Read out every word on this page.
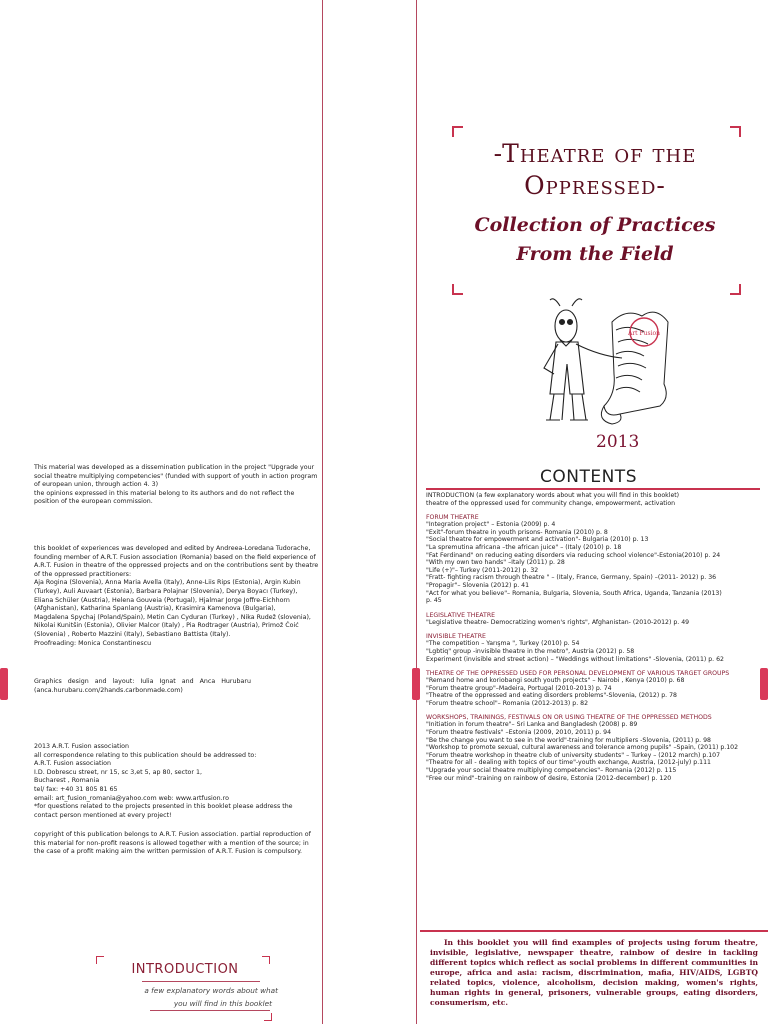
This material was developed as a dissemination publication in the project "Upgrade your
social theatre multiplying competencies" (funded with support of youth in action program
of european union, through action 4. 3)
the opinions expressed in this material belong to its authors and do not reflect the
position of the european commission.
this booklet of experiences was developed and edited by Andreea-Loredana Tudorache,
founding member of A.R.T. Fusion association (Romania) based on the field experience of
A.R.T. Fusion in theatre of the oppressed projects and on the contributions sent by theatre
of the oppressed practitioners:
Aja Rogina (Slovenia), Anna Maria Avella (Italy), Anne-Liis Rips (Estonia), Argin Kubin
(Turkey), Auli Auvaart (Estonia), Barbara Polajnar (Slovenia), Derya Boyacı (Turkey),
Eliana Schüler (Austria), Helena Gouveia (Portugal), Hjalmar Jorge Joffre-Eichhorn
(Afghanistan), Katharina Spanlang (Austria), Krasimira Kamenova (Bulgaria),
Magdalena Spychaj (Poland/Spain), Metin Can Cyduran (Turkey) , Nika Rudež (slovenia),
Nikolai Kunitšin (Estonia), Olivier Malcor (Italy) , Pia Rodtrager (Austria), Primož Ćoić
(Slovenia) , Roberto Mazzini (Italy), Sebastiano Battista (Italy).
Proofreading: Monica Constantinescu
Graphics   design   and   layout:   Iulia   Ignat   and   Anca   Hurubaru
(anca.hurubaru.com/2hands.carbonmade.com)
2013 A.R.T. Fusion association
all correspondence relating to this publication should be addressed to:
A.R.T. Fusion association
I.D. Dobrescu street, nr 15, sc 3,et 5, ap 80, sector 1,
Bucharest , Romania
tel/ fax: +40 31 805 81 65
email: art_fusion_romania@yahoo.com web: www.artfusion.ro
*for questions related to the projects presented in this booklet please address the
contact person mentioned at every project!
copyright of this publication belongs to A.R.T. Fusion association. partial reproduction of
this material for non-profit reasons is allowed together with a mention of the source; in
the case of a profit making aim the written permission of A.R.T. Fusion is compulsory.
INTRODUCTION
a few explanatory words about what
you will find in this booklet
-Theatre of the
Oppressed-
Collection of Practices
From the Field
Art Fusion
2013
CONTENTS
INTRODUCTION (a few explanatory words about what you will find in this booklet)
theatre of the oppressed used for community change, empowerment, activation
FORUM THEATRE
"Integration project" – Estonia (2009) p. 4
"Exit"-forum theatre in youth prisons- Romania (2010) p. 8
"Social theatre for empowerment and activation"- Bulgaria (2010) p. 13
"La spremutina africana –the african juice" – (Italy (2010) p. 18
"Fat Ferdinand" on reducing eating disorders via reducing school violence"-Estonia(2010) p. 24
"With my own two hands" –Italy (2011) p. 28
"Life (+)"– Turkey (2011-2012) p. 32
"Fratt- fighting racism through theatre " – (Italy, France, Germany, Spain) –(2011- 2012) p. 36
"Propagir"– Slovenia (2012) p. 41
"Act for what you believe"– Romania, Bulgaria, Slovenia, South Africa, Uganda, Tanzania (2013)
p. 45
LEGISLATIVE THEATRE
"Legislative theatre- Democratizing women's rights", Afghanistan- (2010-2012) p. 49
INVISIBLE THEATRE
"The competition – Yarışma ", Turkey (2010) p. 54
"Lgbtiq" group -invisible theatre in the metro", Austria (2012) p. 58
Experiment (invisible and street action) – "Weddings without limitations" -Slovenia, (2011) p. 62
THEATRE OF THE OPPRESSED USED FOR PERSONAL DEVELOPMENT OF VARIOUS TARGET GROUPS
"Remand home and koriobangi south youth projects" – Nairobi , Kenya (2010) p. 68
"Forum theatre group"–Madeira, Portugal (2010-2013) p. 74
"Theatre of the oppressed and eating disorders problems"-Slovenia, (2012) p. 78
"Forum theatre school"– Romania (2012-2013) p. 82
WORKSHOPS, TRAININGS, FESTIVALS ON OR USING THEATRE OF THE OPPRESSED METHODS
"Initiation in forum theatre"– Sri Lanka and Bangladesh (2008) p. 89
"Forum theatre festivals" –Estonia (2009, 2010, 2011) p. 94
"Be the change you want to see in the world"-training for multipliers -Slovenia, (2011) p. 98
"Workshop to promote sexual, cultural awareness and tolerance among pupils" –Spain, (2011) p.102
"Forum theatre workshop in theatre club of university students" – Turkey – (2012 march) p.107
"Theatre for all - dealing with topics of our time"-youth exchange, Austria, (2012-july) p.111
"Upgrade your social theatre multiplying competencies"– Romania (2012) p. 115
"Free our mind"–training on rainbow of desire, Estonia (2012-december) p. 120
In this booklet you will find examples of projects using forum theatre, invisible, legislative, newspaper theatre, rainbow of desire in tackling different topics which reflect as social problems in different communities in europe, africa and asia: racism, discrimination, mafia, HIV/AIDS, LGBTQ related topics, violence, alcoholism, decision making, women's rights, human rights in general, prisoners, vulnerable groups, eating disorders, consumerism, etc.
